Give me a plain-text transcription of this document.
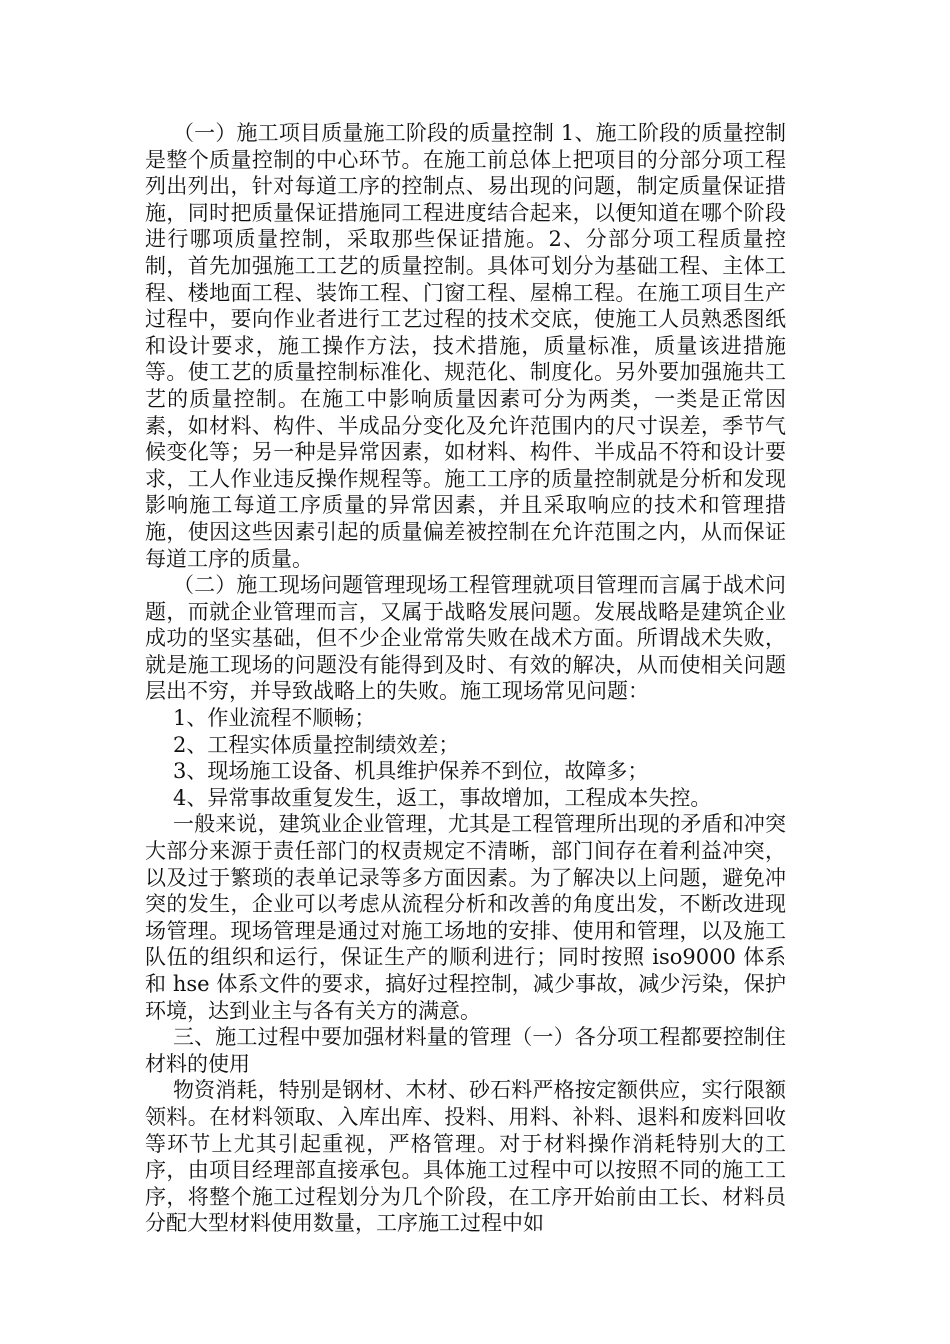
（一）施工项目质量施工阶段的质量控制 1、施工阶段的质量控制是整个质量控制的中心环节。在施工前总体上把项目的分部分项工程列出列出，针对每道工序的控制点、易出现的问题，制定质量保证措施，同时把质量保证措施同工程进度结合起来，以便知道在哪个阶段进行哪项质量控制，采取那些保证措施。2、分部分项工程质量控制，首先加强施工工艺的质量控制。具体可划分为基础工程、主体工程、楼地面工程、装饰工程、门窗工程、屋棉工程。在施工项目生产过程中，要向作业者进行工艺过程的技术交底，使施工人员熟悉图纸和设计要求，施工操作方法，技术措施，质量标准，质量该进措施等。使工艺的质量控制标准化、规范化、制度化。另外要加强施共工艺的质量控制。在施工中影响质量因素可分为两类，一类是正常因素，如材料、构件、半成品分变化及允许范围内的尺寸误差，季节气候变化等；另一种是异常因素，如材料、构件、半成品不符和设计要求，工人作业违反操作规程等。施工工序的质量控制就是分析和发现影响施工每道工序质量的异常因素，并且采取响应的技术和管理措施，使因这些因素引起的质量偏差被控制在允许范围之内，从而保证每道工序的质量。

（二）施工现场问题管理现场工程管理就项目管理而言属于战术问题，而就企业管理而言，又属于战略发展问题。发展战略是建筑企业成功的坚实基础，但不少企业常常失败在战术方面。所谓战术失败，就是施工现场的问题没有能得到及时、有效的解决，从而使相关问题层出不穷，并导致战略上的失败。施工现场常见问题：

1、作业流程不顺畅；

2、工程实体质量控制绩效差；

3、现场施工设备、机具维护保养不到位，故障多；

4、异常事故重复发生，返工，事故增加，工程成本失控。

一般来说，建筑业企业管理，尤其是工程管理所出现的矛盾和冲突大部分来源于责任部门的权责规定不清晰，部门间存在着利益冲突，以及过于繁琐的表单记录等多方面因素。为了解决以上问题，避免冲突的发生，企业可以考虑从流程分析和改善的角度出发，不断改进现场管理。现场管理是通过对施工场地的安排、使用和管理，以及施工队伍的组织和运行，保证生产的顺利进行；同时按照 iso9000 体系和 hse 体系文件的要求，搞好过程控制，减少事故，减少污染，保护环境，达到业主与各有关方的满意。

三、施工过程中要加强材料量的管理（一）各分项工程都要控制住材料的使用

物资消耗，特别是钢材、木材、砂石料严格按定额供应，实行限额领料。在材料领取、入库出库、投料、用料、补料、退料和废料回收等环节上尤其引起重视，严格管理。对于材料操作消耗特别大的工序，由项目经理部直接承包。具体施工过程中可以按照不同的施工工序，将整个施工过程划分为几个阶段，在工序开始前由工长、材料员分配大型材料使用数量，工序施工过程中如
